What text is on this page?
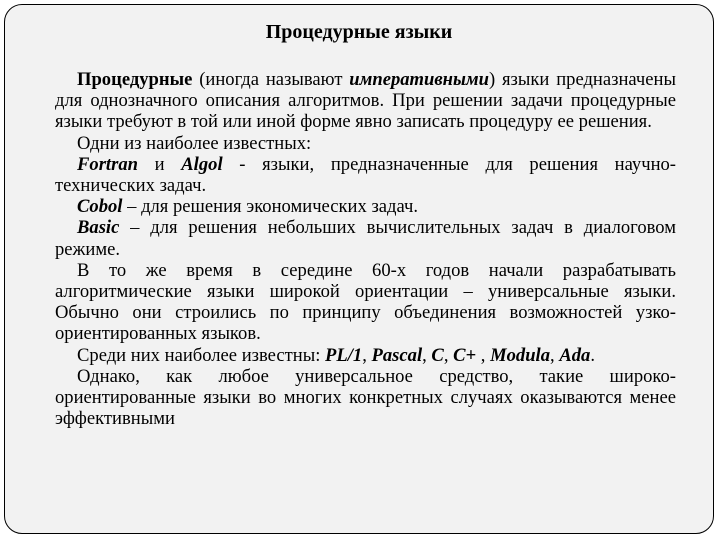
Процедурные языки

Процедурные (иногда называют императивными) языки предназначены для однозначного описания алгоритмов. При решении задачи процедурные языки требуют в той или иной форме явно записать процедуру ее решения.

Одни из наиболее известных:

Fortran и Algol - языки, предназначенные для решения научно-технических задач.

Cobol – для решения экономических задач.

Basic – для решения небольших вычислительных задач в диалоговом режиме.

В то же время в середине 60-х годов начали разрабатывать алгоритмические языки широкой ориентации – универсальные языки. Обычно они строились по принципу объединения возможностей узко-ориентированных языков.

Среди них наиболее известны: PL/1, Pascal, C, C+ , Modula, Ada.

Однако, как любое универсальное средство, такие широко-ориентированные языки во многих конкретных случаях оказываются менее эффективными
